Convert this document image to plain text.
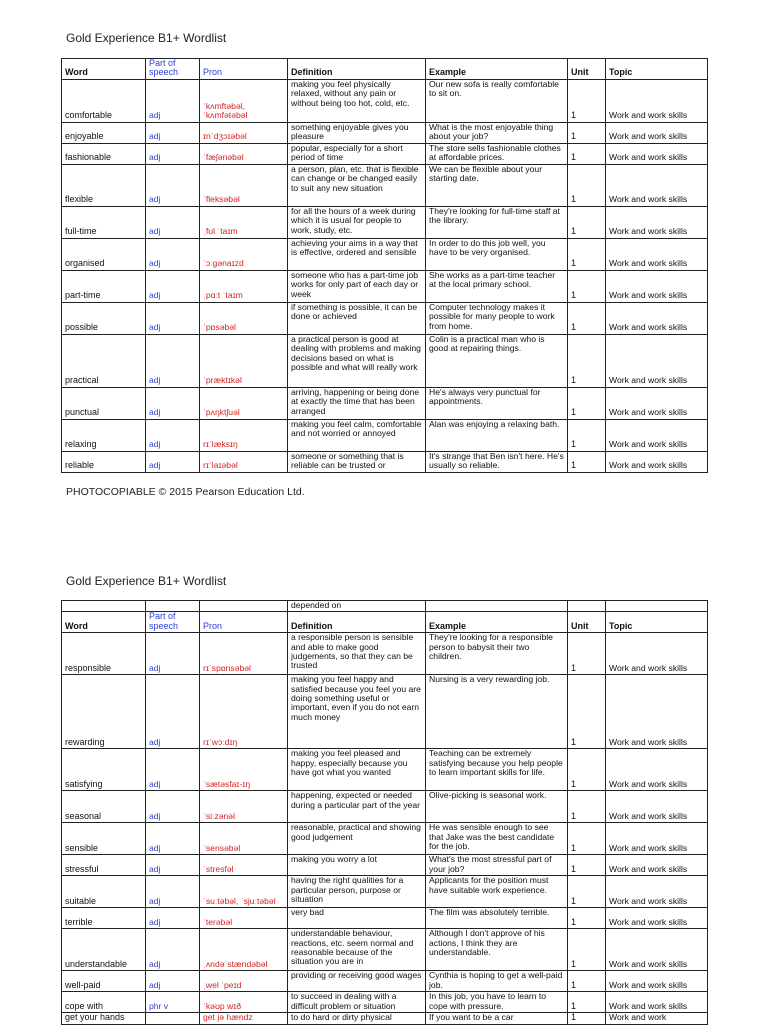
Gold Experience B1+ Wordlist
Word	Part of speech	Pron	Definition	Example	Unit	Topic
comfortable	adj	ˈkʌmftəbəl, ˈkʌmfətəbəl	making you feel physically relaxed, without any pain or without being too hot, cold, etc.	Our new sofa is really comfortable to sit on.	1	Work and work skills
enjoyable	adj	ɪnˈdʒɔɪəbəl	something enjoyable gives you pleasure	What is the most enjoyable thing about your job?	1	Work and work skills
fashionable	adj	ˈfæʃənəbəl	popular, especially for a short period of time	The store sells fashionable clothes at affordable prices.	1	Work and work skills
flexible	adj	ˈfleksəbəl	a person, plan, etc. that is flexible can change or be changed easily to suit any new situation	We can be flexible about your starting date.	1	Work and work skills
full-time	adj	ˌfʊl ˈtaɪm	for all the hours of a week during which it is usual for people to work, study, etc.	They're looking for full-time staff at the library.	1	Work and work skills
organised	adj	ˈɔːɡənaɪzd	achieving your aims in a way that is effective, ordered and sensible	In order to do this job well, you have to be very organised.	1	Work and work skills
part-time	adj	ˌpɑːt ˈtaɪm	someone who has a part-time job works for only part of each day or week	She works as a part-time teacher at the local primary school.	1	Work and work skills
possible	adj	ˈpɒsəbəl	if something is possible, it can be done or achieved	Computer technology makes it possible for many people to work from home.	1	Work and work skills
practical	adj	ˈpræktɪkəl	a practical person is good at dealing with problems and making decisions based on what is possible and what will really work	Colin is a practical man who is good at repairing things.	1	Work and work skills
punctual	adj	ˈpʌŋktʃuəl	arriving, happening or being done at exactly the time that has been arranged	He's always very punctual for appointments.	1	Work and work skills
relaxing	adj	rɪˈlæksɪŋ	making you feel calm, comfortable and not worried or annoyed	Alan was enjoying a relaxing bath.	1	Work and work skills
reliable	adj	rɪˈlaɪəbəl	someone or something that is reliable can be trusted or	It's strange that Ben isn't here. He's usually so reliable.	1	Work and work skills
PHOTOCOPIABLE © 2015 Pearson Education Ltd.
Gold Experience B1+ Wordlist
			depended on			
Word	Part of speech	Pron	Definition	Example	Unit	Topic
responsible	adj	rɪˈspɒnsəbəl	a responsible person is sensible and able to make good judgements, so that they can be trusted	They're looking for a responsible person to babysit their two children.	1	Work and work skills
rewarding	adj	rɪˈwɔːdɪŋ	making you feel happy and satisfied because you feel you are doing something useful or important, even if you do not earn much money	Nursing is a very rewarding job.	1	Work and work skills
satisfying	adj	ˈsætəsfaɪ-ɪŋ	making you feel pleased and happy, especially because you have got what you wanted	Teaching can be extremely satisfying because you help people to learn important skills for life.	1	Work and work skills
seasonal	adj	ˈsiːzənəl	happening, expected or needed during a particular part of the year	Olive-picking is seasonal work.	1	Work and work skills
sensible	adj	ˈsensəbəl	reasonable, practical and showing good judgement	He was sensible enough to see that Jake was the best candidate for the job.	1	Work and work skills
stressful	adj	ˈstresfəl	making you worry a lot	What's the most stressful part of your job?	1	Work and work skills
suitable	adj	ˈsuːtəbəl, ˈsjuːtəbəl	having the right qualities for a particular person, purpose or situation	Applicants for the position must have suitable work experience.	1	Work and work skills
terrible	adj	ˈterəbəl	very bad	The film was absolutely terrible.	1	Work and work skills
understandable	adj	ˌʌndəˈstændəbəl	understandable behaviour, reactions, etc. seem normal and reasonable because of the situation you are in	Although I don't approve of his actions, I think they are understandable.	1	Work and work skills
well-paid	adj	ˌwel ˈpeɪd	providing or receiving good wages	Cynthia is hoping to get a well-paid job.	1	Work and work skills
cope with	phr v	ˈkəʊp wɪð	to succeed in dealing with a difficult problem or situation	In this job, you have to learn to cope with pressure.	1	Work and work skills
get your hands		get jə hændz	to do hard or dirty physical	If you want to be a car	1	Work and work
